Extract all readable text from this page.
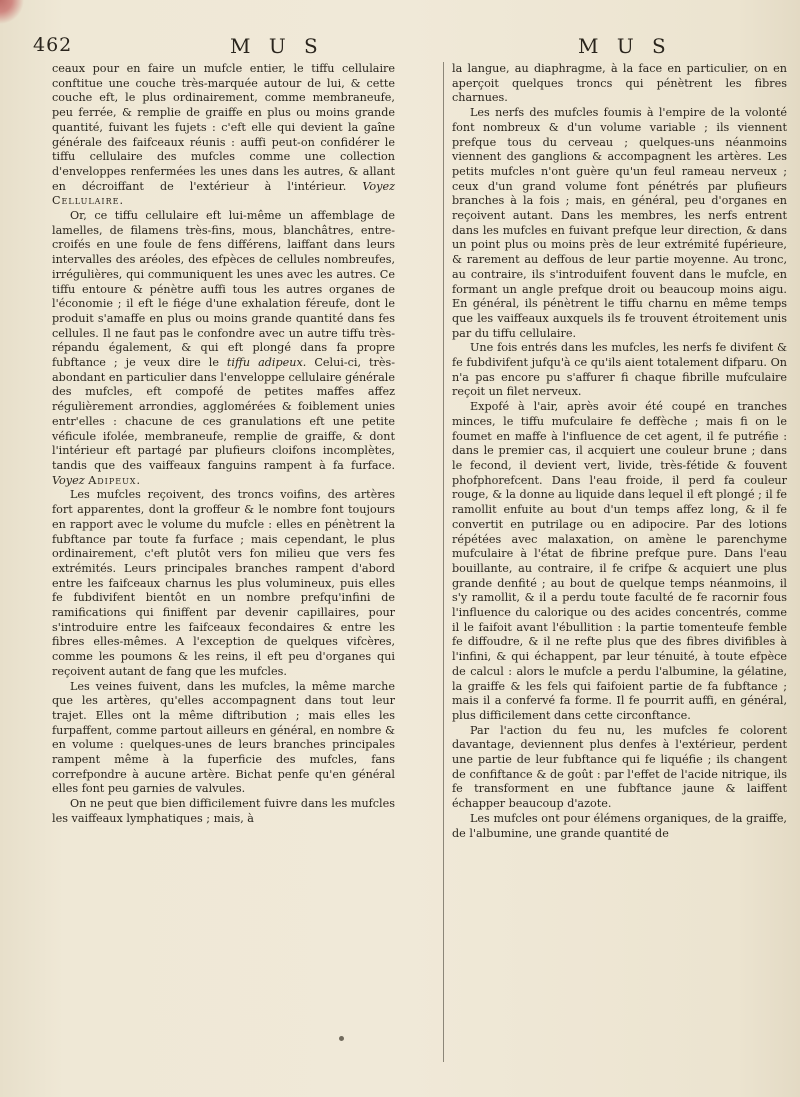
462	M U S	M U S

ceaux pour en faire un mufcle entier, le tiffu cellulaire conftitue une couche très-marquée autour de lui, & cette couche eft, le plus ordinairement, comme membraneufe, peu ferrée, & remplie de graiffe en plus ou moins grande quantité, fuivant les fujets : c'eft elle qui devient la gaîne générale des faifceaux réunis : auffi peut-on confidérer le tiffu cellulaire des mufcles comme une collection d'enveloppes renfermées les unes dans les autres, & allant en décroiffant de l'extérieur à l'intérieur. Voyez Cellulaire.

Or, ce tiffu cellulaire eft lui-même un affemblage de lamelles, de filamens très-fins, mous, blanchâtres, entre-croifés en une foule de fens différens, laiffant dans leurs intervalles des aréoles, des efpèces de cellules nombreufes, irrégulières, qui communiquent les unes avec les autres. Ce tiffu entoure & pénètre auffi tous les autres organes de l'économie ; il eft le fiége d'une exhalation féreufe, dont le produit s'amaffe en plus ou moins grande quantité dans fes cellules. Il ne faut pas le confondre avec un autre tiffu très-répandu également, & qui eft plongé dans fa propre fubftance ; je veux dire le tiffu adipeux. Celui-ci, très-abondant en particulier dans l'enveloppe cellulaire générale des mufcles, eft compofé de petites maffes affez régulièrement arrondies, agglomérées & foiblement unies entr'elles : chacune de ces granulations eft une petite véficule ifolée, membraneufe, remplie de graiffe, & dont l'intérieur eft partagé par plufieurs cloifons incomplètes, tandis que des vaiffeaux fanguins rampent à fa furface. Voyez Adipeux.

Les mufcles reçoivent, des troncs voifins, des artères fort apparentes, dont la groffeur & le nombre font toujours en rapport avec le volume du mufcle : elles en pénètrent la fubftance par toute fa furface ; mais cependant, le plus ordinairement, c'eft plutôt vers fon milieu que vers fes extrémités. Leurs principales branches rampent d'abord entre les faifceaux charnus les plus volumineux, puis elles fe fubdivifent bientôt en un nombre prefqu'infini de ramifications qui finiffent par devenir capillaires, pour s'introduire entre les faifceaux fecondaires & entre les fibres elles-mêmes. A l'exception de quelques vifcères, comme les poumons & les reins, il eft peu d'organes qui reçoivent autant de fang que les mufcles.

Les veines fuivent, dans les mufcles, la même marche que les artères, qu'elles accompagnent dans tout leur trajet. Elles ont la même diftribution ; mais elles les furpaffent, comme partout ailleurs en général, en nombre & en volume : quelques-unes de leurs branches principales rampent même à la fuperficie des mufcles, fans correfpondre à aucune artère. Bichat penfe qu'en général elles font peu garnies de valvules.

On ne peut que bien difficilement fuivre dans les mufcles les vaiffeaux lymphatiques ; mais, à

la langue, au diaphragme, à la face en particulier, on en aperçoit quelques troncs qui pénètrent les fibres charnues.

Les nerfs des mufcles foumis à l'empire de la volonté font nombreux & d'un volume variable ; ils viennent prefque tous du cerveau ; quelques-uns néanmoins viennent des ganglions & accompagnent les artères. Les petits mufcles n'ont guère qu'un feul rameau nerveux ; ceux d'un grand volume font pénétrés par plufieurs branches à la fois ; mais, en général, peu d'organes en reçoivent autant. Dans les membres, les nerfs entrent dans les mufcles en fuivant prefque leur direction, & dans un point plus ou moins près de leur extrémité fupérieure, & rarement au deffous de leur partie moyenne. Au tronc, au contraire, ils s'introduifent fouvent dans le mufcle, en formant un angle prefque droit ou beaucoup moins aigu. En général, ils pénètrent le tiffu charnu en même temps que les vaiffeaux auxquels ils fe trouvent étroitement unis par du tiffu cellulaire.

Une fois entrés dans les mufcles, les nerfs fe divifent & fe fubdivifent jufqu'à ce qu'ils aient totalement difparu. On n'a pas encore pu s'affurer fi chaque fibrille mufculaire reçoit un filet nerveux.

Expofé à l'air, après avoir été coupé en tranches minces, le tiffu mufculaire fe deffèche ; mais fi on le foumet en maffe à l'influence de cet agent, il fe putréfie : dans le premier cas, il acquiert une couleur brune ; dans le fecond, il devient vert, livide, très-fétide & fouvent phofphorefcent. Dans l'eau froide, il perd fa couleur rouge, & la donne au liquide dans lequel il eft plongé ; il fe ramollit enfuite au bout d'un temps affez long, & il fe convertit en putrilage ou en adipocire. Par des lotions répétées avec malaxation, on amène le parenchyme mufculaire à l'état de fibrine prefque pure. Dans l'eau bouillante, au contraire, il fe crifpe & acquiert une plus grande denfité ; au bout de quelque temps néanmoins, il s'y ramollit, & il a perdu toute faculté de fe racornir fous l'influence du calorique ou des acides concentrés, comme il le faifoit avant l'ébullition : la partie tomenteufe femble fe diffoudre, & il ne refte plus que des fibres divifibles à l'infini, & qui échappent, par leur ténuité, à toute efpèce de calcul : alors le mufcle a perdu l'albumine, la gélatine, la graiffe & les fels qui faifoient partie de fa fubftance ; mais il a confervé fa forme. Il fe pourrit auffi, en général, plus difficilement dans cette circonftance.

Par l'action du feu nu, les mufcles fe colorent davantage, deviennent plus denfes à l'extérieur, perdent une partie de leur fubftance qui fe liquéfie ; ils changent de confiftance & de goût : par l'effet de l'acide nitrique, ils fe transforment en une fubftance jaune & laiffent échapper beaucoup d'azote.

Les mufcles ont pour élémens organiques, de la graiffe, de l'albumine, une grande quantité de
